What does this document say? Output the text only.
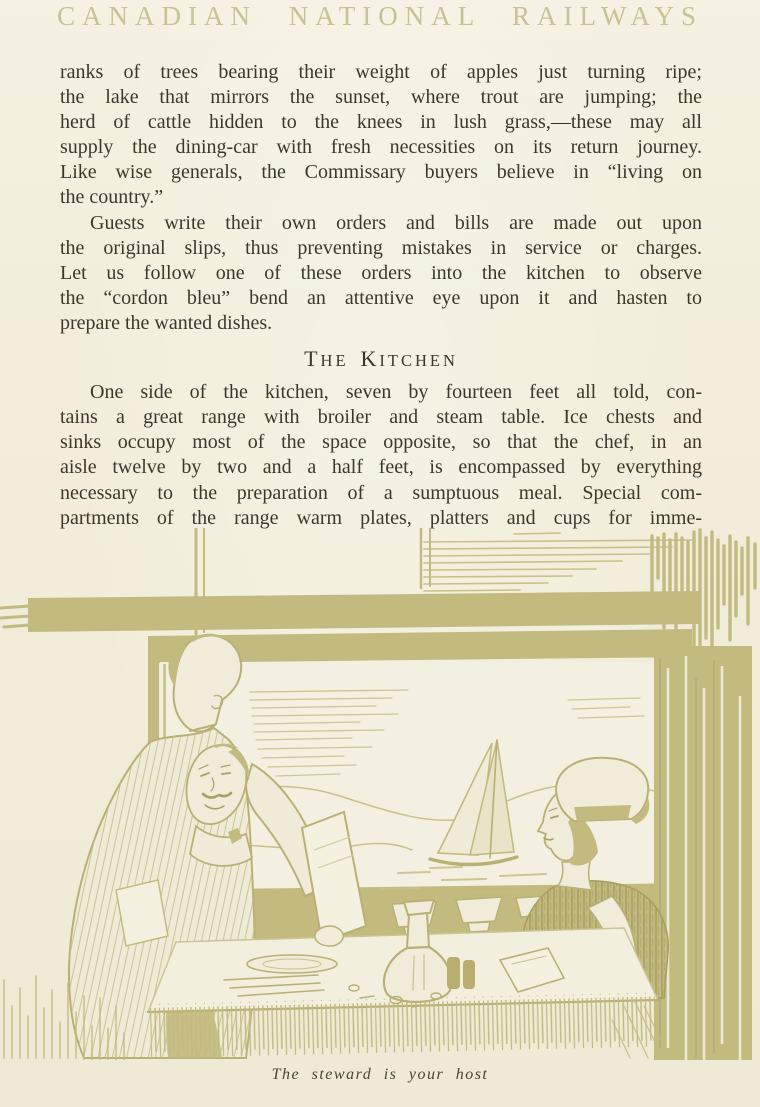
CANADIAN NATIONAL RAILWAYS
ranks of trees bearing their weight of apples just turning ripe;
the lake that mirrors the sunset, where trout are jumping; the
herd of cattle hidden to the knees in lush grass,—these may all
supply the dining-car with fresh necessities on its return journey.
Like wise generals, the Commissary buyers believe in “living on
the country.”
Guests write their own orders and bills are made out upon
the original slips, thus preventing mistakes in service or charges.
Let us follow one of these orders into the kitchen to observe
the “cordon bleu” bend an attentive eye upon it and hasten to
prepare the wanted dishes.
THE KITCHEN
One side of the kitchen, seven by fourteen feet all told, con-
tains a great range with broiler and steam table. Ice chests and
sinks occupy most of the space opposite, so that the chef, in an
aisle twelve by two and a half feet, is encompassed by everything
necessary to the preparation of a sumptuous meal. Special com-
partments of the range warm plates, platters and cups for imme-
The steward is your host
